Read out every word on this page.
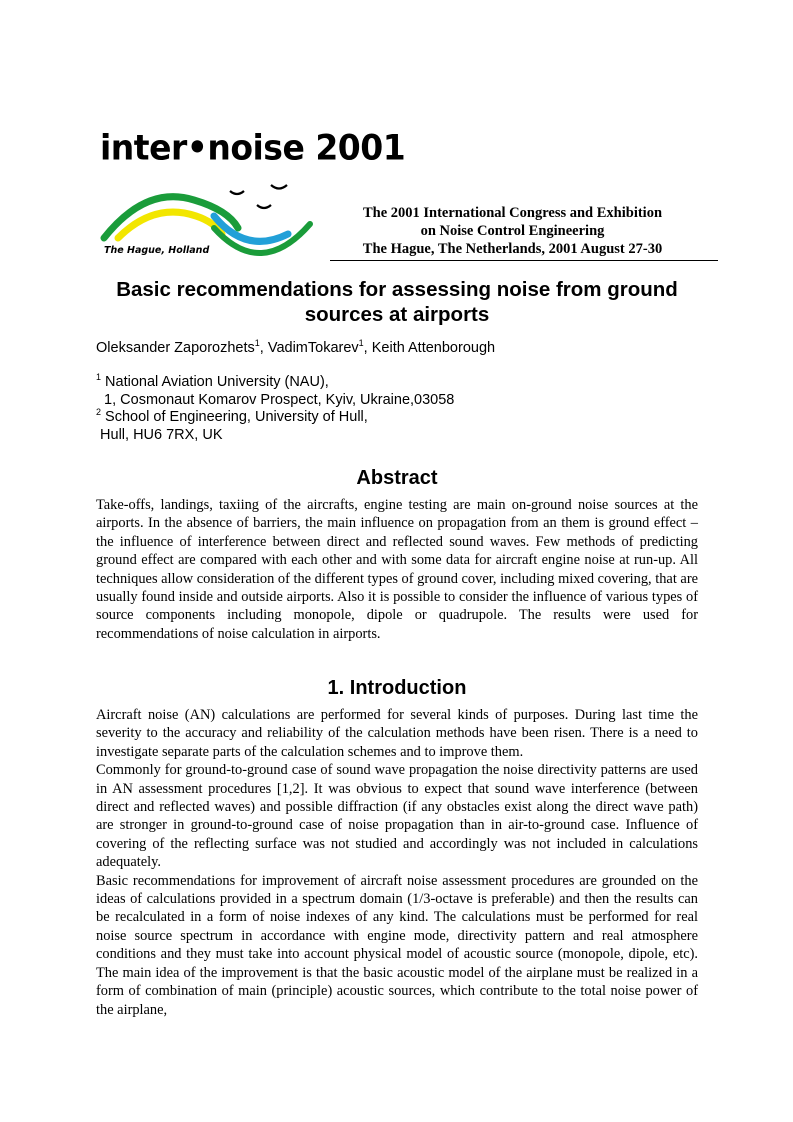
inter•noise 2001
The Hague, Holland
The 2001 International Congress and Exhibition
on Noise Control Engineering
The Hague, The Netherlands, 2001 August 27-30
Basic recommendations for assessing noise from ground sources at airports
Oleksander Zaporozhets$^1$, VadimTokarev$^1$, Keith Attenborough
$^1$ National Aviation University (NAU),
1, Cosmonaut Komarov Prospect, Kyiv, Ukraine,03058
$^2$ School of Engineering, University of Hull,
Hull, HU6 7RX, UK
Abstract

Take-offs, landings, taxiing of the aircrafts, engine testing are main on-ground noise sources at the airports. In the absence of barriers, the main influence on propagation from an them is ground effect – the influence of interference between direct and reflected sound waves. Few methods of predicting ground effect are compared with each other and with some data for aircraft engine noise at run-up. All techniques allow consideration of the different types of ground cover, including mixed covering, that are usually found inside and outside airports. Also it is possible to consider the influence of various types of source components including monopole, dipole or quadrupole. The results were used for recommendations of noise calculation in airports.

1. Introduction

Aircraft noise (AN) calculations are performed for several kinds of purposes. During last time the severity to the accuracy and reliability of the calculation methods have been risen. There is a need to investigate separate parts of the calculation schemes and to improve them.

Commonly for ground-to-ground case of sound wave propagation the noise directivity patterns are used in AN assessment procedures [1,2]. It was obvious to expect that sound wave interference (between direct and reflected waves) and possible diffraction (if any obstacles exist along the direct wave path) are stronger in ground-to-ground case of noise propagation than in air-to-ground case. Influence of covering of the reflecting surface was not studied and accordingly was not included in calculations adequately.

Basic recommendations for improvement of aircraft noise assessment procedures are grounded on the ideas of calculations provided in a spectrum domain (1/3-octave is preferable) and then the results can be recalculated in a form of noise indexes of any kind. The calculations must be performed for real noise source spectrum in accordance with engine mode, directivity pattern and real atmosphere conditions and they must take into account physical model of acoustic source (monopole, dipole, etc). The main idea of the improvement is that the basic acoustic model of the airplane must be realized in a form of combination of main (principle) acoustic sources, which contribute to the total noise power of the airplane,
